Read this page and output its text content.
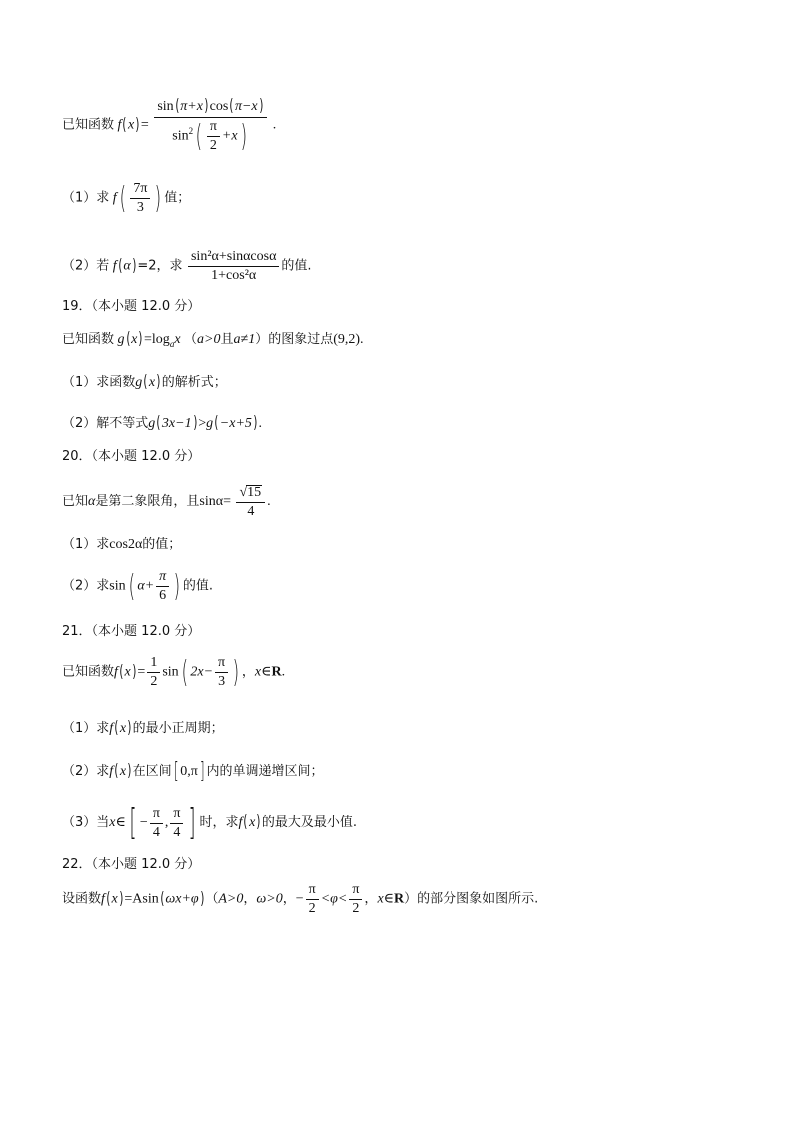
已知函数 $f(x)= \frac{\sin(\pi+x)\cos(\pi-x)}{\sin^2( \frac{\pi}{2} +x)}$ .
（1）求 $f( \frac{7\pi}{3}$ ) 值；
（2）若 f(α)=2，求 $\frac{\text{sin²α+sinαcosα}}{\text{1+cos²α}}$ 的值.
19．（本小题 12.0 分）
已知函数 $g(x)=\log_ax$ （a>0且a≠1）的图象过点(9,2).
（1）求函数g(x)的解析式；
（2）解不等式g(3x−1)>g(−x+5).
20．（本小题 12.0 分）
已知α是第二象限角，且$\sin\alpha= \frac{√15}{4}$ .
（1）求cos2α的值；
（2）求sin( $\alpha+ \frac{\pi}{6}$ ) 的值.
21．（本小题 12.0 分）
已知函数$f(x)= \frac{1}{2} \sin$( $2x- \frac{\pi}{3}$ ) ，x∈R.
（1）求f(x)的最小正周期；
（2）求f(x)在区间[ 0,π] 内的单调递增区间；
（3）当x∈[ − $\frac{\pi}{4}$ , $\frac{\pi}{4}$ ] 时，求f(x)的最大及最小值.
22．（本小题 12.0 分）
设函数f(x)=Asin(ωx+φ)（A>0，ω>0，− $\frac{\pi}{2} <\varphi< \frac{\pi}{2}$ ，x∈R）的部分图象如图所示.
